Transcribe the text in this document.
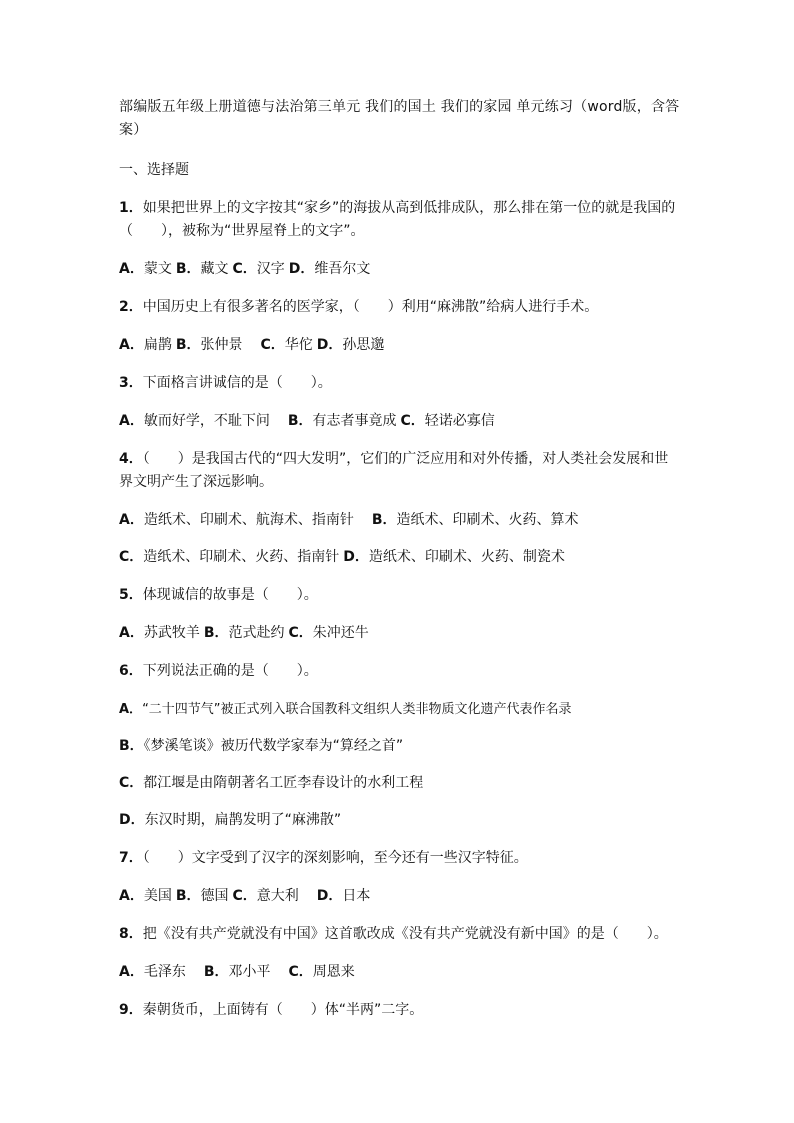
部编版五年级上册道德与法治第三单元 我们的国土 我们的家园 单元练习（word版，含答案）
一、选择题
1．如果把世界上的文字按其“家乡”的海拔从高到低排成队，那么排在第一位的就是我国的（　　），被称为“世界屋脊上的文字”。
A．蒙文 B．藏文 C．汉字 D．维吾尔文
2．中国历史上有很多著名的医学家，（　　）利用“麻沸散”给病人进行手术。
A．扁鹊 B．张仲景 C．华佗 D．孙思邈
3．下面格言讲诚信的是（　　）。
A．敏而好学，不耻下问 B．有志者事竟成 C．轻诺必寡信
4．（　　）是我国古代的“四大发明”，它们的广泛应用和对外传播，对人类社会发展和世界文明产生了深远影响。
A．造纸术、印刷术、航海术、指南针 B．造纸术、印刷术、火药、算术
C．造纸术、印刷术、火药、指南针 D．造纸术、印刷术、火药、制瓷术
5．体现诚信的故事是（　　）。
A．苏武牧羊 B．范式赴约 C．朱冲还牛
6．下列说法正确的是（　　）。
A．“二十四节气”被正式列入联合国教科文组织人类非物质文化遗产代表作名录
B．《梦溪笔谈》被历代数学家奉为“算经之首”
C．都江堰是由隋朝著名工匠李春设计的水利工程
D．东汉时期，扁鹊发明了“麻沸散”
7．（　　）文字受到了汉字的深刻影响，至今还有一些汉字特征。
A．美国 B．德国 C．意大利 D．日本
8．把《没有共产党就没有中国》这首歌改成《没有共产党就没有新中国》的是（　　）。
A．毛泽东 B．邓小平 C．周恩来
9．秦朝货币，上面铸有（　　）体“半两”二字。
